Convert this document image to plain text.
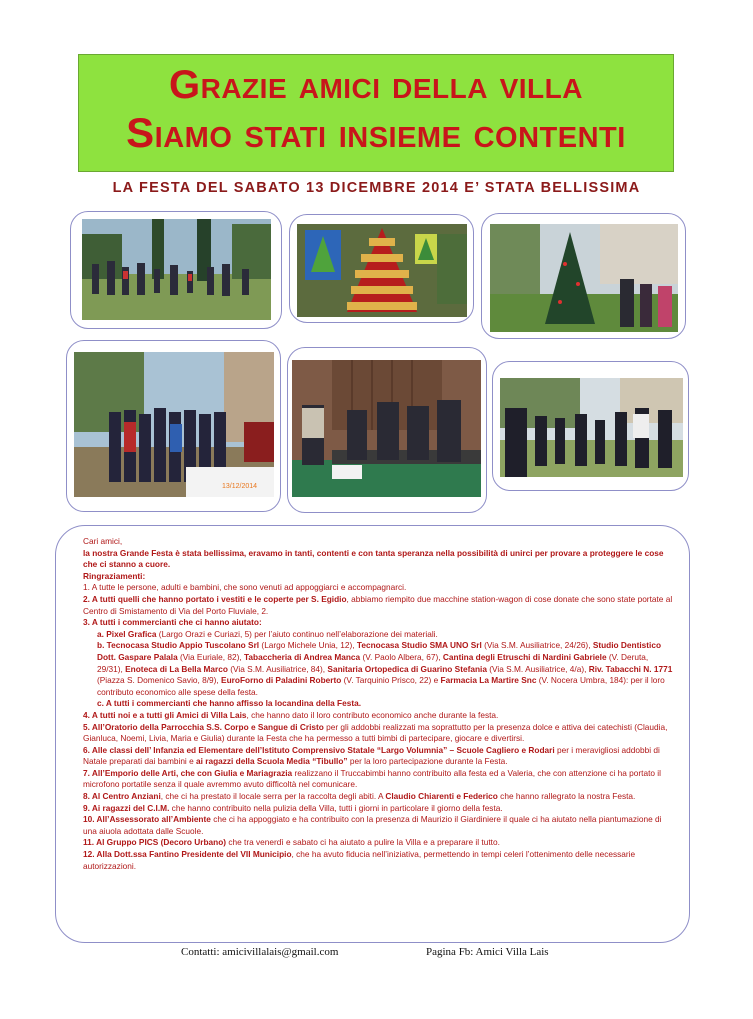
Grazie amici della villa
Siamo stati insieme contenti
LA FESTA DEL SABATO 13 DICEMBRE 2014 E’ STATA BELLISSIMA
13/12/2014

Cari amici,

la nostra Grande Festa è stata bellissima, eravamo in tanti, contenti e con tanta speranza nella possibilità di unirci per provare a proteggere le cose che ci stanno a cuore.

Ringraziamenti:

1. A tutte le persone, adulti e bambini, che sono venuti ad appoggiarci e accompagnarci.

2. A tutti quelli che hanno portato i vestiti e le coperte per S. Egidio, abbiamo riempito due macchine station-wagon di cose donate che sono state portate al Centro di Smistamento di Via del Porto Fluviale, 2.

3. A tutti i commercianti che ci hanno aiutato:

a. Pixel Grafica (Largo Orazi e Curiazi, 5) per l’aiuto continuo nell’elaborazione dei materiali.

b. Tecnocasa Studio Appio Tuscolano Srl (Largo Michele Unia, 12), Tecnocasa Studio SMA UNO Srl (Via S.M. Ausiliatrice, 24/26), Studio Dentistico Dott. Gaspare Palala (Via Euriale, 82), Tabaccheria di Andrea Manca (V. Paolo Albera, 67), Cantina degli Etruschi di Nardini Gabriele (V. Deruta, 29/31), Enoteca di La Bella Marco (Via S.M. Ausiliatrice, 84), Sanitaria Ortopedica di Guarino Stefania (Via S.M. Ausiliatrice, 4/a), Riv. Tabacchi N. 1771 (Piazza S. Domenico Savio, 8/9), EuroForno di Paladini Roberto (V. Tarquinio Prisco, 22) e Farmacia La Martire Snc (V. Nocera Umbra, 184): per il loro contributo economico alle spese della festa.

c. A tutti i commercianti che hanno affisso la locandina della Festa.

4. A tutti noi e a tutti gli Amici di Villa Lais, che hanno dato il loro contributo economico anche durante la festa.

5. All’Oratorio della Parrocchia S.S. Corpo e Sangue di Cristo per gli addobbi realizzati ma soprattutto per la presenza dolce e attiva dei catechisti (Claudia, Gianluca, Noemi, Livia, Maria e Giulia) durante la Festa che ha permesso a tutti bimbi di partecipare, giocare e divertirsi.

6. Alle classi dell’ Infanzia ed Elementare dell’Istituto Comprensivo Statale “Largo Volumnia” – Scuole Cagliero e Rodari per i meravigliosi addobbi di Natale preparati dai bambini e ai ragazzi della Scuola Media “Tibullo” per la loro partecipazione durante la Festa.

7. All’Emporio delle Arti, che con Giulia e Mariagrazia realizzano il Truccabimbi hanno contribuito alla festa ed a Valeria, che con attenzione ci ha portato il microfono portatile senza il quale avremmo avuto difficoltà nel comunicare.

8. Al Centro Anziani, che ci ha prestato il locale serra per la raccolta degli abiti. A Claudio Chiarenti e Federico che hanno rallegrato la nostra Festa.

9. Ai ragazzi del C.I.M. che hanno contribuito nella pulizia della Villa, tutti i giorni in particolare il giorno della festa.

10. All’Assessorato all’Ambiente che ci ha appoggiato e ha contribuito con la presenza di Maurizio il Giardiniere il quale ci ha aiutato nella piantumazione di una aiuola adottata dalle Scuole.

11. Al Gruppo PICS (Decoro Urbano) che tra venerdì e sabato ci ha aiutato a pulire la Villa e a preparare il tutto.

12. Alla Dott.ssa Fantino Presidente del VII Municipio, che ha avuto fiducia nell’iniziativa, permettendo in tempi celeri l’ottenimento delle necessarie autorizzazioni.

Contatti: amicivillalais@gmail.com	Pagina Fb: Amici Villa Lais
